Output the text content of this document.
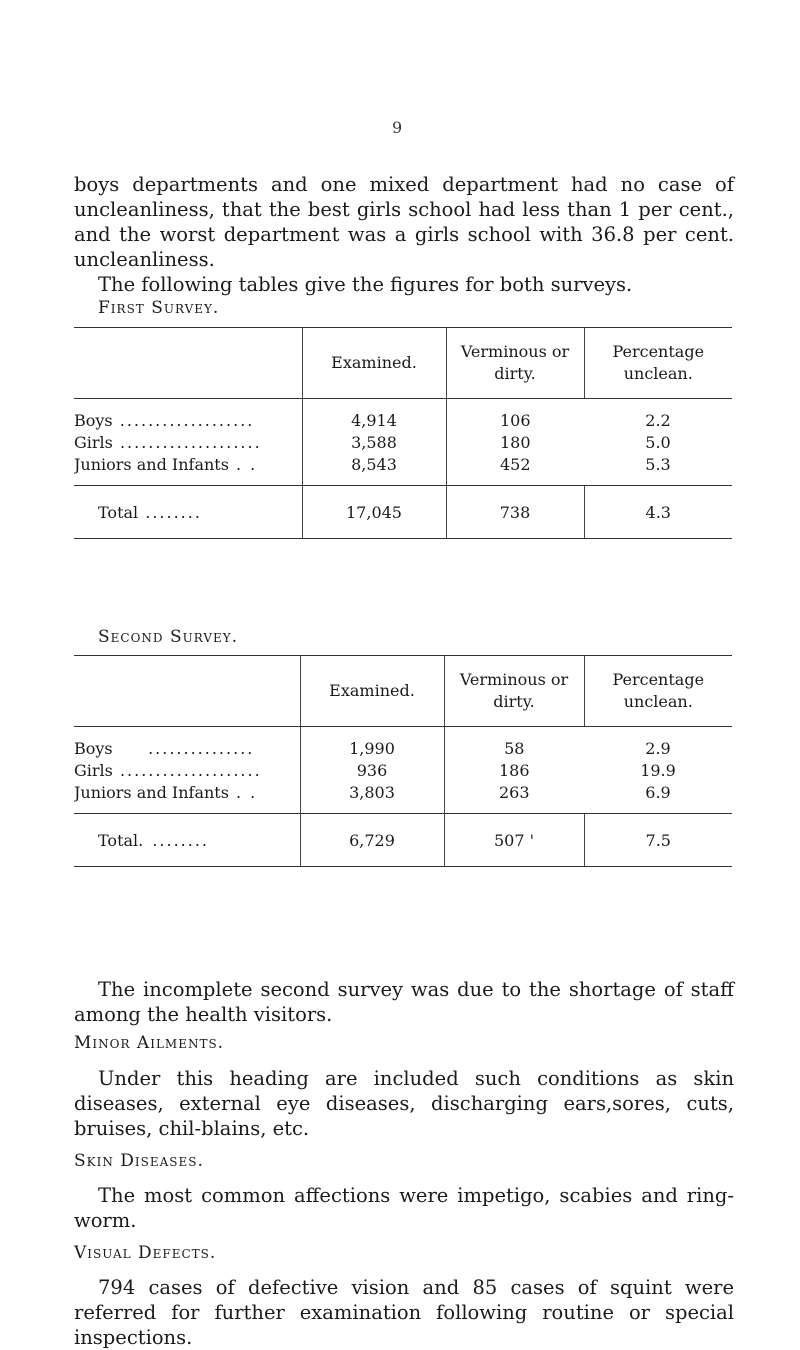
9
boys departments and one mixed department had no case of uncleanliness, that the best girls school had less than 1 per cent., and the worst department was a girls school with 36.8 per cent. uncleanliness.
The following tables give the figures for both surveys.
First Survey.
	Examined.	Verminous or dirty.	Percentage unclean.

Boys ...................	4,914	106	2.2
Girls ....................	3,588	180	5.0
Juniors and Infants . .	8,543	452	5.3

Total ........	17,045	738	4.3
Second Survey.
	Examined.	Verminous or dirty.	Percentage unclean.

Boys     ...............	1,990	58	2.9
Girls ....................	936	186	19.9
Juniors and Infants . .	3,803	263	6.9

Total. ........	6,729	507 '	7.5
The incomplete second survey was due to the shortage of staff among the health visitors.
Minor Ailments.
Under this heading are included such conditions as skin diseases, external eye diseases, discharging ears,sores, cuts, bruises, chil-blains, etc.
Skin Diseases.
The most common affections were impetigo, scabies and ring-worm.
Visual Defects.
794 cases of defective vision and 85 cases of squint were referred for further examination following routine or special inspections.
